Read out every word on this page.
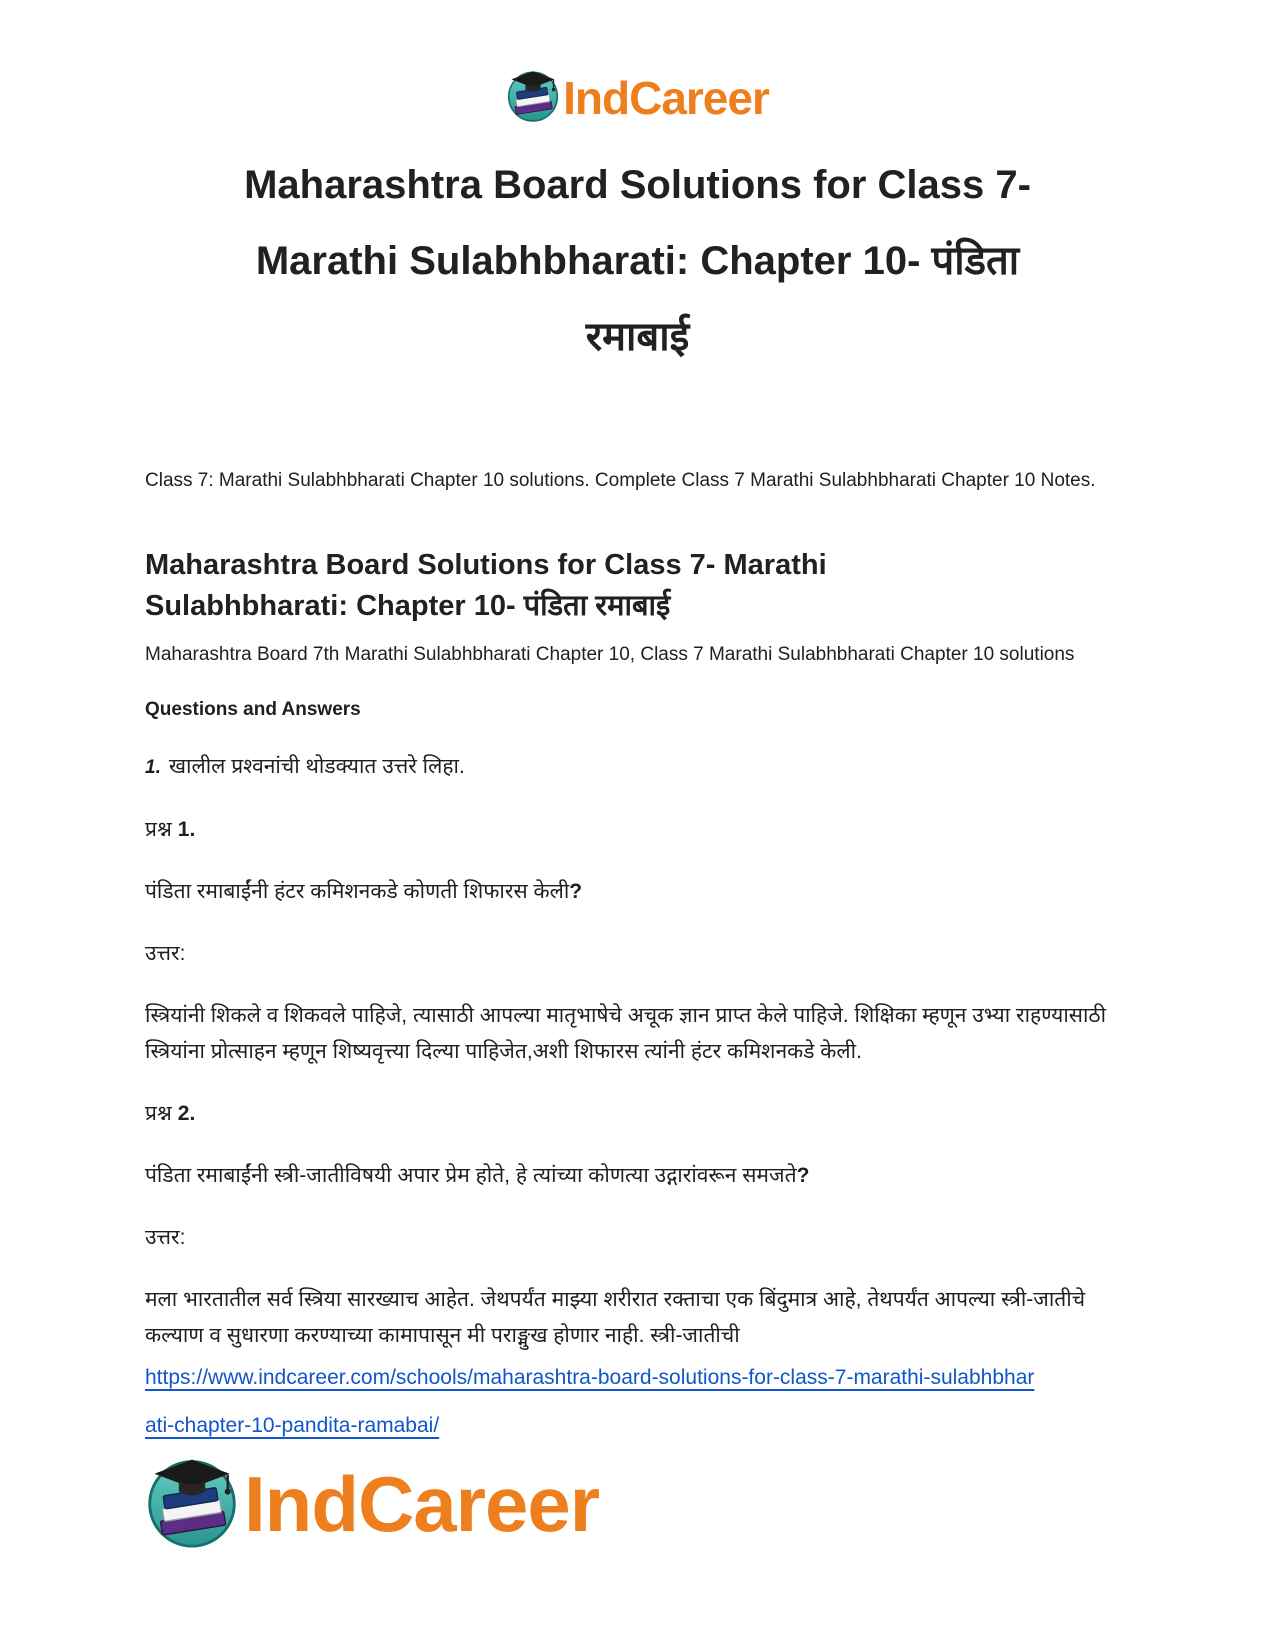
IndCareer
Maharashtra Board Solutions for Class 7-
Marathi Sulabhbharati: Chapter 10- पंडिता
रमाबाई

Class 7: Marathi Sulabhbharati Chapter 10 solutions. Complete Class 7 Marathi Sulabhbharati Chapter 10 Notes.

Maharashtra Board Solutions for Class 7- Marathi
Sulabhbharati: Chapter 10- पंडिता रमाबाई

Maharashtra Board 7th Marathi Sulabhbharati Chapter 10, Class 7 Marathi Sulabhbharati Chapter 10 solutions

Questions and Answers

1. खालील प्रश्वनांची थोडक्यात उत्तरे लिहा.

प्रश्न 1.

पंडिता रमाबाईंनी हंटर कमिशनकडे कोणती शिफारस केली?

उत्तर:

स्त्रियांनी शिकले व शिकवले पाहिजे, त्यासाठी आपल्या मातृभाषेचे अचूक ज्ञान प्राप्त केले पाहिजे. शिक्षिका म्हणून उभ्या राहण्यासाठी स्त्रियांना प्रोत्साहन म्हणून शिष्यवृत्त्या दिल्या पाहिजेत,अशी शिफारस त्यांनी हंटर कमिशनकडे केली.

प्रश्न 2.

पंडिता रमाबाईंनी स्त्री-जातीविषयी अपार प्रेम होते, हे त्यांच्या कोणत्या उद्गारांवरून समजते?

उत्तर:

मला भारतातील सर्व स्त्रिया सारख्याच आहेत. जेथपर्यंत माझ्या शरीरात रक्ताचा एक बिंदुमात्र आहे, तेथपर्यंत आपल्या स्त्री-जातीचे कल्याण व सुधारणा करण्याच्या कामापासून मी पराङ्मुख होणार नाही. स्त्री-जातीची

https://www.indcareer.com/schools/maharashtra-board-solutions-for-class-7-marathi-sulabhbhar
ati-chapter-10-pandita-ramabai/
IndCareer
